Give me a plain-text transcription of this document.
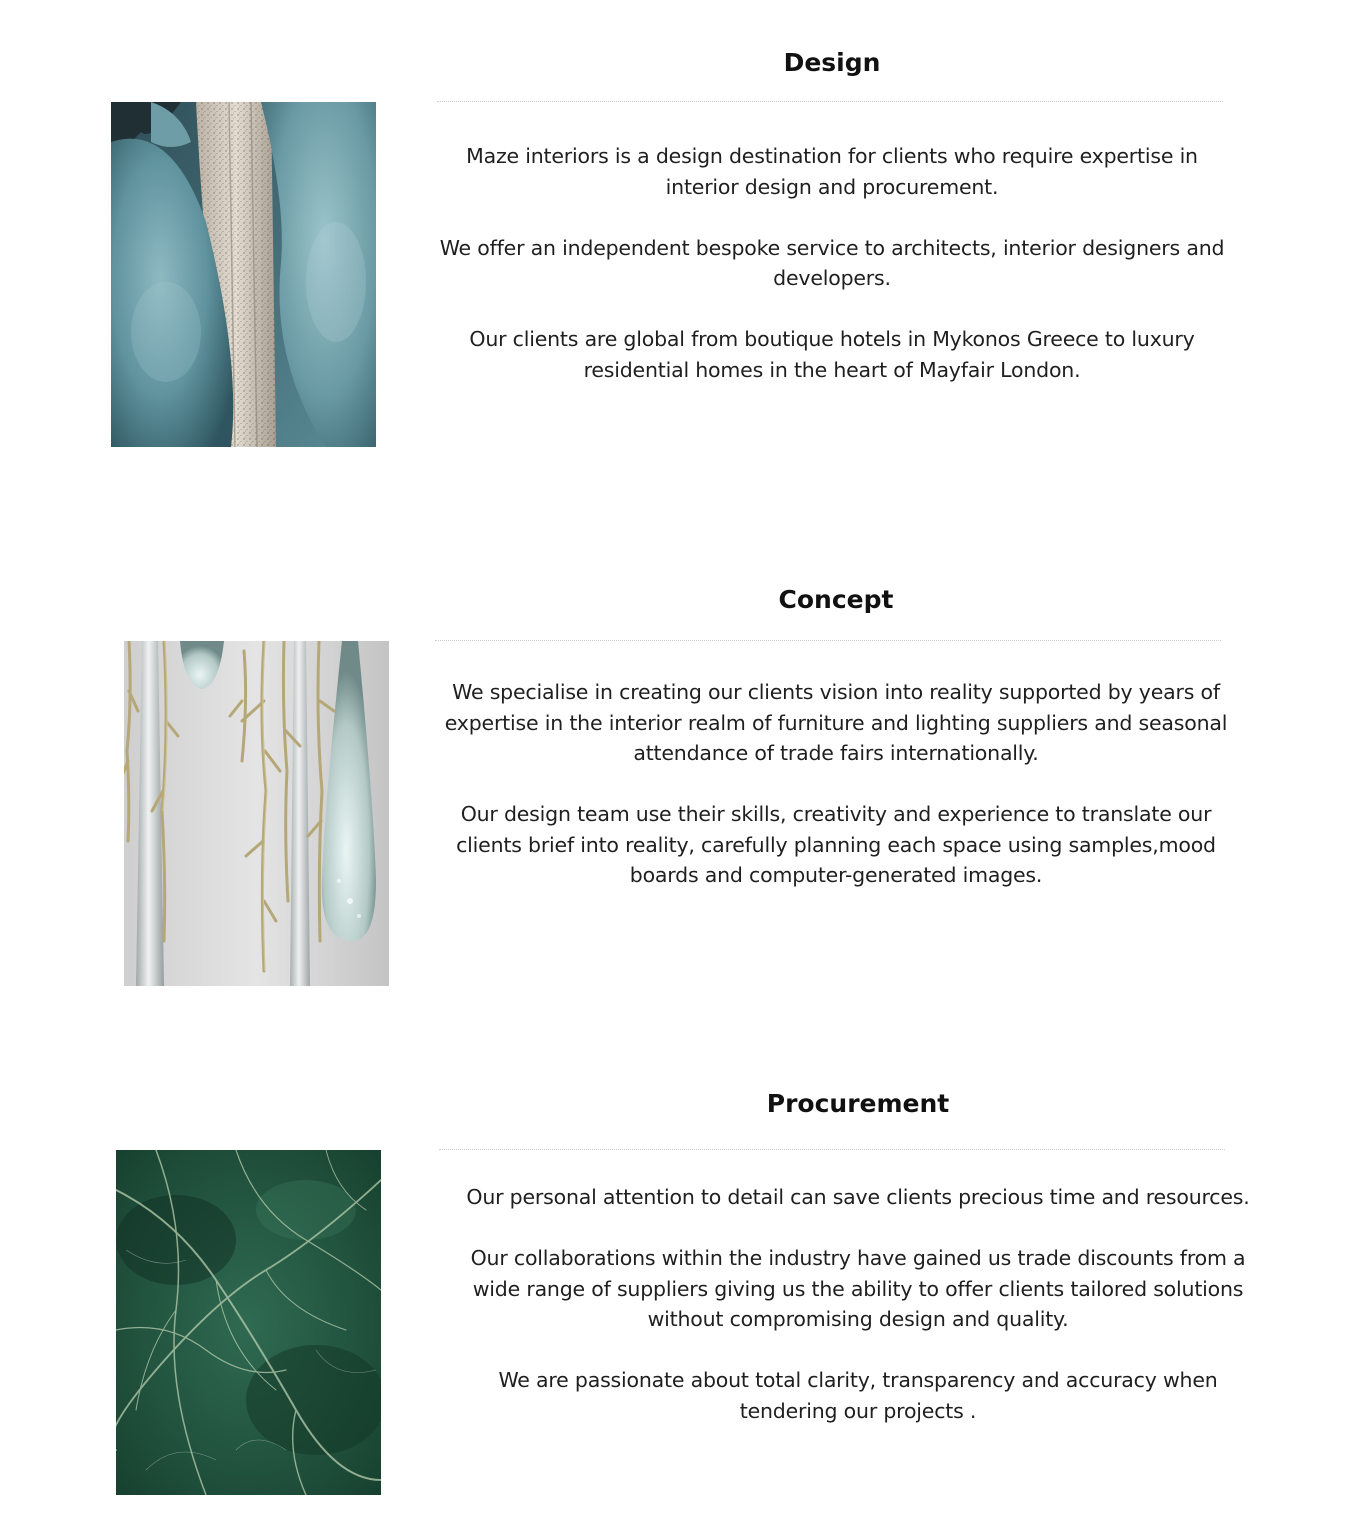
Design

Maze interiors is a design destination for clients who require expertise in interior design and procurement.

We offer an independent bespoke service to architects, interior designers and developers.

Our clients are global from boutique hotels in Mykonos Greece to luxury residential homes in the heart of Mayfair London.

Concept

We specialise in creating our clients vision into reality supported by years of expertise in the interior realm of furniture and lighting suppliers and seasonal attendance of trade fairs internationally.

Our design team use their skills, creativity and experience to translate our clients brief into reality, carefully planning each space using samples,mood boards and computer-generated images.

Procurement

Our personal attention to detail can save clients precious time and resources.

Our collaborations within the industry have gained us trade discounts from a wide range of suppliers giving us the ability to offer clients tailored solutions without compromising design and quality.

We are passionate about total clarity, transparency and accuracy when tendering our projects .
